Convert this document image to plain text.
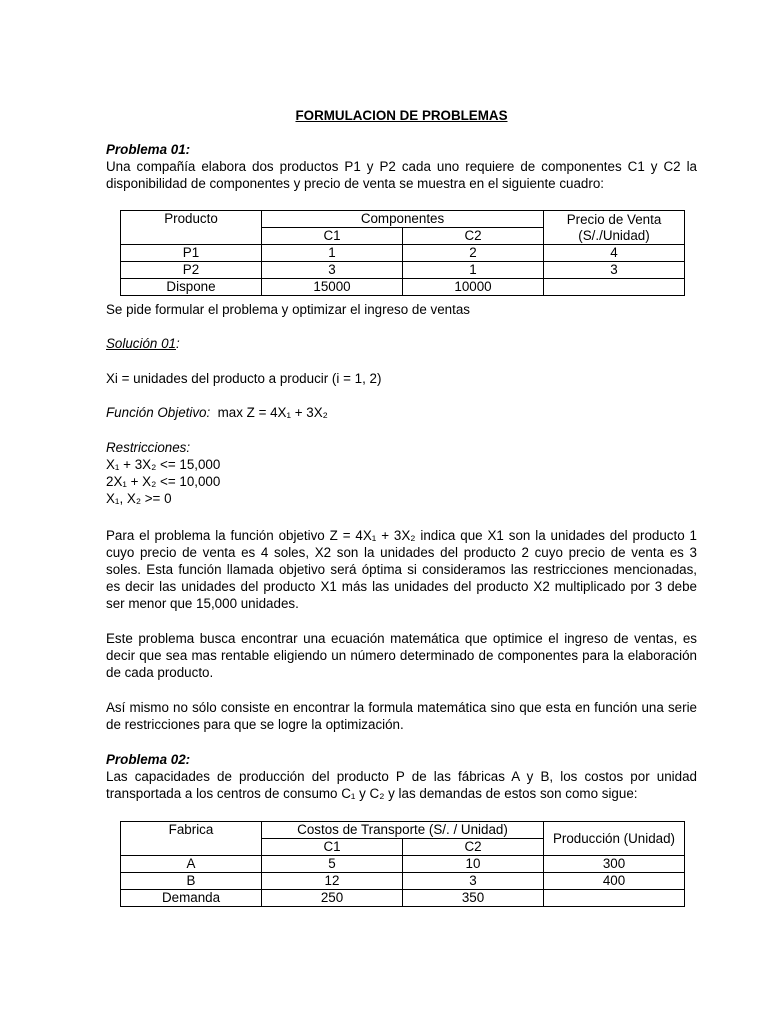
FORMULACION DE PROBLEMAS
Problema 01:

Una compañía elabora dos productos P1 y P2 cada uno requiere de componentes C1 y C2 la disponibilidad de componentes y precio de venta se muestra en el siguiente cuadro:

Producto	Componentes		Precio de Venta (S/./Unidad)
	C1	C2	
P1	1	2	4
P2	3	1	3
Dispone	15000	10000	

Se pide formular el problema y optimizar el ingreso de ventas

Solución 01:

Xi = unidades del producto a producir (i = 1, 2)

Función Objetivo: max Z = 4X₁ + 3X₂

Restricciones:

X₁ + 3X₂ <= 15,000

2X₁ + X₂ <= 10,000

X₁, X₂ >= 0

Para el problema la función objetivo Z = 4X₁ + 3X₂ indica que X1 son la unidades del producto 1 cuyo precio de venta es 4 soles, X2 son la unidades del producto 2 cuyo precio de venta es 3 soles. Esta función llamada objetivo será óptima si consideramos las restricciones mencionadas, es decir las unidades del producto X1 más las unidades del producto X2 multiplicado por 3 debe ser menor que 15,000 unidades.

Este problema busca encontrar una ecuación matemática que optimice el ingreso de ventas, es decir que sea mas rentable eligiendo un número determinado de componentes para la elaboración de cada producto.

Así mismo no sólo consiste en encontrar la formula matemática sino que esta en función una serie de restricciones para que se logre la optimización.

Problema 02:

Las capacidades de producción del producto P de las fábricas A y B, los costos por unidad transportada a los centros de consumo C₁ y C₂ y las demandas de estos son como sigue:

Fabrica	Costos de Transporte (S/. / Unidad)		Producción (Unidad)
	C1	C2	
A	5	10	300
B	12	3	400
Demanda	250	350	
